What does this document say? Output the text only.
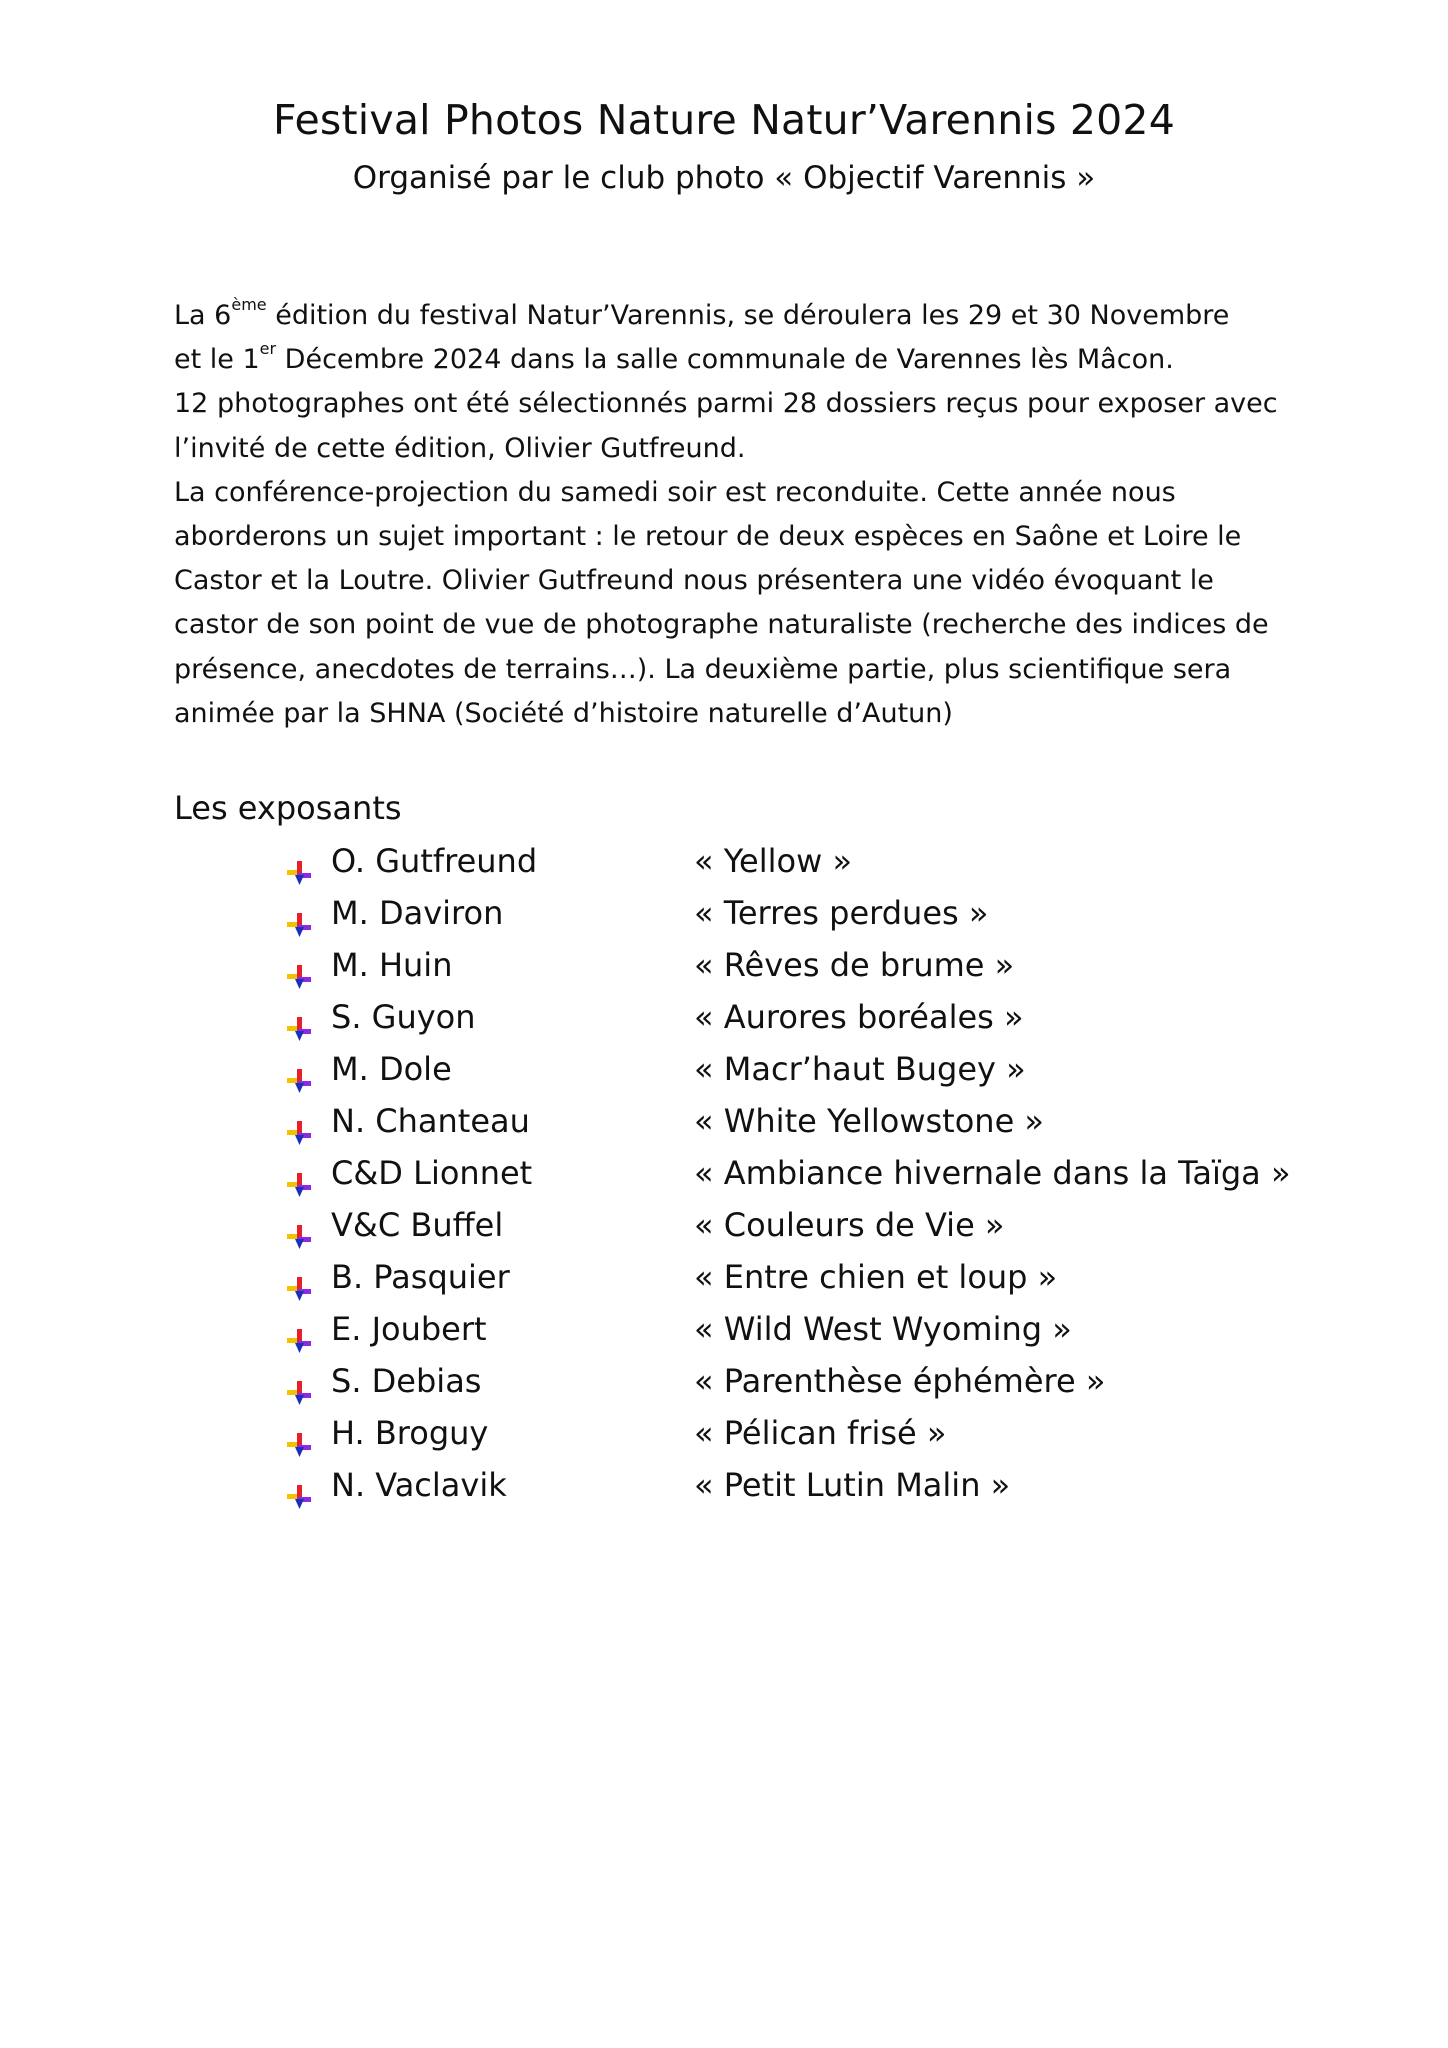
Festival Photos Nature Natur’Varennis 2024
Organisé par le club photo « Objectif Varennis »

La 6ème édition du festival Natur’Varennis, se déroulera les 29 et 30 Novembre

et le 1er Décembre 2024 dans la salle communale de Varennes lès Mâcon.

12 photographes ont été sélectionnés parmi 28 dossiers reçus pour exposer avec

l’invité de cette édition, Olivier Gutfreund.

La conférence-projection du samedi soir est reconduite. Cette année nous

aborderons un sujet important : le retour de deux espèces en Saône et Loire le

Castor et la Loutre. Olivier Gutfreund nous présentera une vidéo évoquant le

castor de son point de vue de photographe naturaliste (recherche des indices de

présence, anecdotes de terrains…). La deuxième partie, plus scientifique sera

animée par la SHNA (Société d’histoire naturelle d’Autun)

Les exposants
O. Gutfreund	« Yellow »
M. Daviron	« Terres perdues »
M. Huin	« Rêves de brume »
S. Guyon	« Aurores boréales »
M. Dole	« Macr’haut Bugey »
N. Chanteau	« White Yellowstone »
C&D Lionnet	« Ambiance hivernale dans la Taïga »
V&C Buffel	« Couleurs de Vie »
B. Pasquier	« Entre chien et loup »
E. Joubert	« Wild West Wyoming »
S. Debias	« Parenthèse éphémère »
H. Broguy	« Pélican frisé »
N. Vaclavik	« Petit Lutin Malin »
